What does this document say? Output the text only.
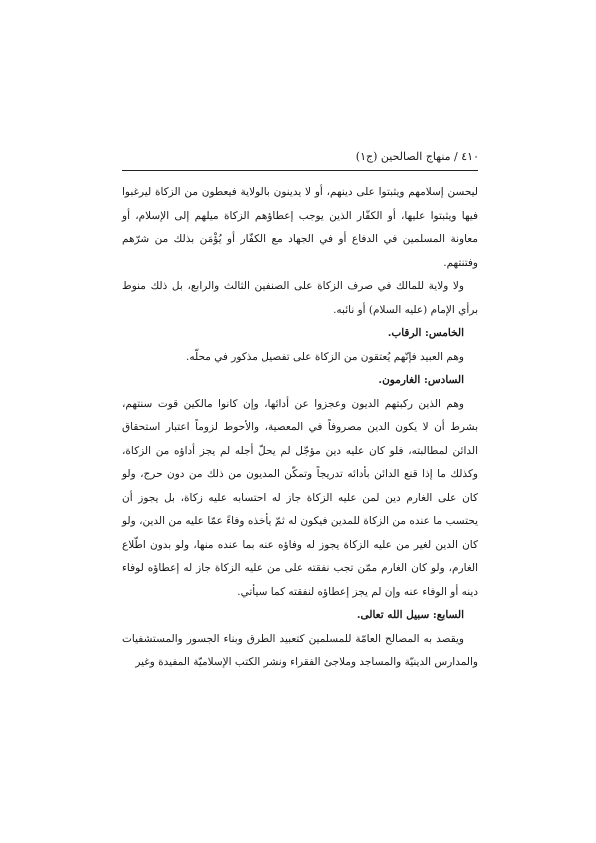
٤١٠ / منهاج الصالحين (ج١)

ليحسن إسلامهم ويثبتوا على دينهم، أو لا يدينون بالولاية فيعطون من الزكاة ليرغبوا فيها ويثبتوا عليها، أو الكفّار الذين يوجب إعطاؤهم الزكاة ميلهم إلى الإسلام، أو معاونة المسلمين في الدفاع أو في الجهاد مع الكفّار أو يُؤْمَن بذلك من شرّهم وفتنتهم.

ولا ولاية للمالك في صرف الزكاة على الصنفين الثالث والرابع، بل ذلك منوط برأي الإمام (عليه السلام) أو نائبه.

الخامس: الرقاب.

وهم العبيد فإنّهم يُعتقون من الزكاة على تفصيل مذكور في محلّه.

السادس: الغارمون.

وهم الذين ركبتهم الديون وعجزوا عن أدائها، وإن كانوا مالكين قوت سنتهم، بشرط أن لا يكون الدين مصروفاً في المعصية، والأحوط لزوماً اعتبار استحقاق الدائن لمطالبته، فلو كان عليه دين مؤجّل لم يحلّ أجله لم يجز أداؤه من الزكاة، وكذلك ما إذا قنع الدائن بأدائه تدريجاً وتمكّن المديون من ذلك من دون حرج، ولو كان على الغارم دين لمن عليه الزكاة جاز له احتسابه عليه زكاة، بل يجوز أن يحتسب ما عنده من الزكاة للمدين فيكون له ثمّ يأخذه وفاءً عمّا عليه من الدين، ولو كان الدين لغير من عليه الزكاة يجوز له وفاؤه عنه بما عنده منها، ولو بدون اطّلاع الغارم، ولو كان الغارم ممّن تجب نفقته على من عليه الزكاة جاز له إعطاؤه لوفاء دينه أو الوفاء عنه وإن لم يجز إعطاؤه لنفقته كما سيأتي.

السابع: سبيل الله تعالى.

ويقصد به المصالح العامّة للمسلمين كتعبيد الطرق وبناء الجسور والمستشفيات والمدارس الدينيّة والمساجد وملاجئ الفقراء ونشر الكتب الإسلاميّة المفيدة وغير
